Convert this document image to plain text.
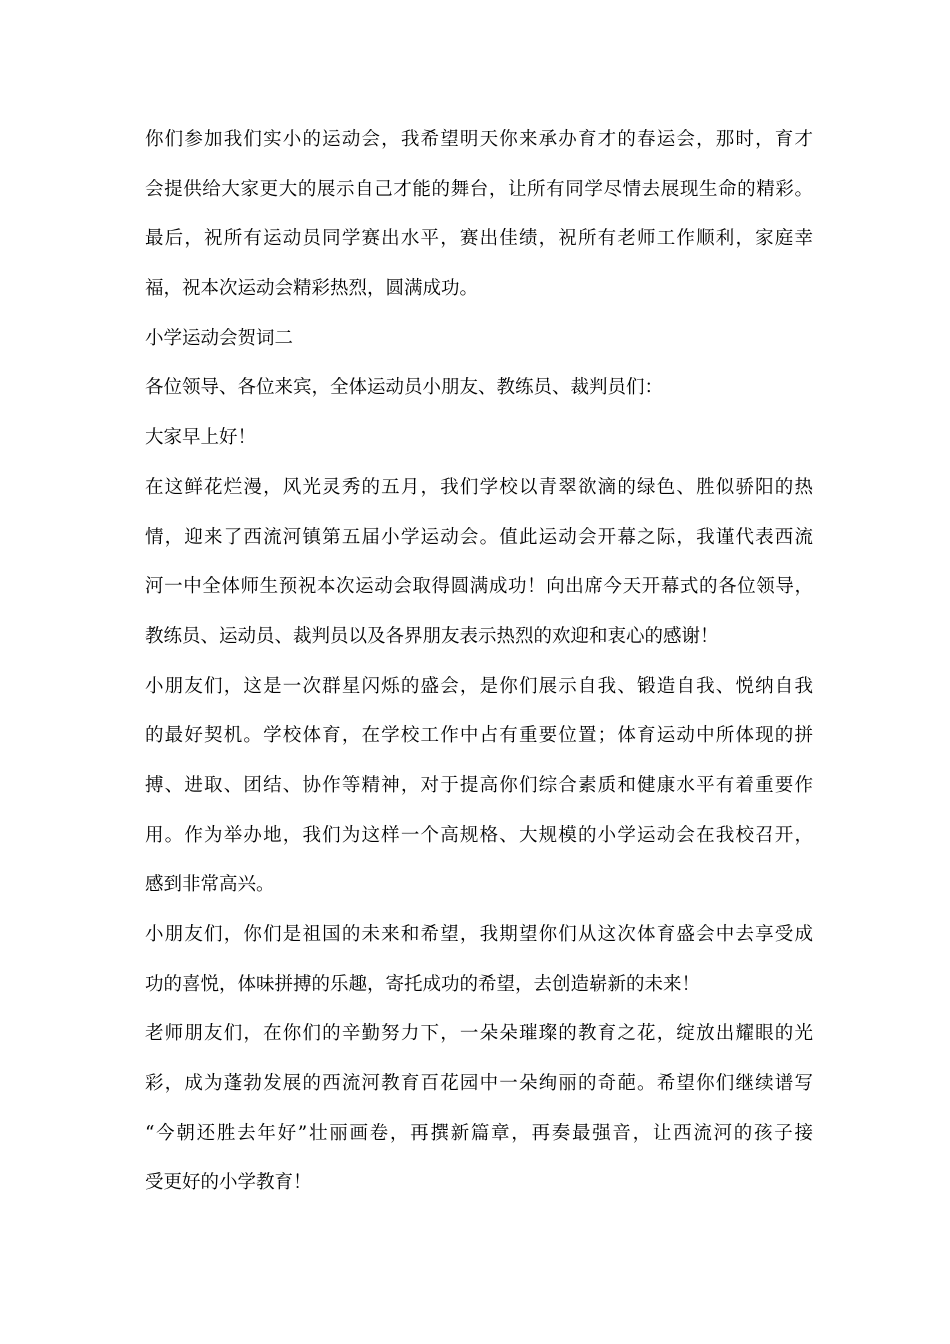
你们参加我们实小的运动会，我希望明天你来承办育才的春运会，那时，育才
会提供给大家更大的展示自己才能的舞台，让所有同学尽情去展现生命的精彩。
最后，祝所有运动员同学赛出水平，赛出佳绩，祝所有老师工作顺利，家庭幸
福，祝本次运动会精彩热烈，圆满成功。
小学运动会贺词二
各位领导、各位来宾，全体运动员小朋友、教练员、裁判员们：
大家早上好！
在这鲜花烂漫，风光灵秀的五月，我们学校以青翠欲滴的绿色、胜似骄阳的热
情，迎来了西流河镇第五届小学运动会。值此运动会开幕之际，我谨代表西流
河一中全体师生预祝本次运动会取得圆满成功！向出席今天开幕式的各位领导，
教练员、运动员、裁判员以及各界朋友表示热烈的欢迎和衷心的感谢！
小朋友们，这是一次群星闪烁的盛会，是你们展示自我、锻造自我、悦纳自我
的最好契机。学校体育，在学校工作中占有重要位置；体育运动中所体现的拼
搏、进取、团结、协作等精神，对于提高你们综合素质和健康水平有着重要作
用。作为举办地，我们为这样一个高规格、大规模的小学运动会在我校召开，
感到非常高兴。
小朋友们，你们是祖国的未来和希望，我期望你们从这次体育盛会中去享受成
功的喜悦，体味拼搏的乐趣，寄托成功的希望，去创造崭新的未来！
老师朋友们，在你们的辛勤努力下，一朵朵璀璨的教育之花，绽放出耀眼的光
彩，成为蓬勃发展的西流河教育百花园中一朵绚丽的奇葩。希望你们继续谱写
“今朝还胜去年好”壮丽画卷，再撰新篇章，再奏最强音，让西流河的孩子接
受更好的小学教育！
